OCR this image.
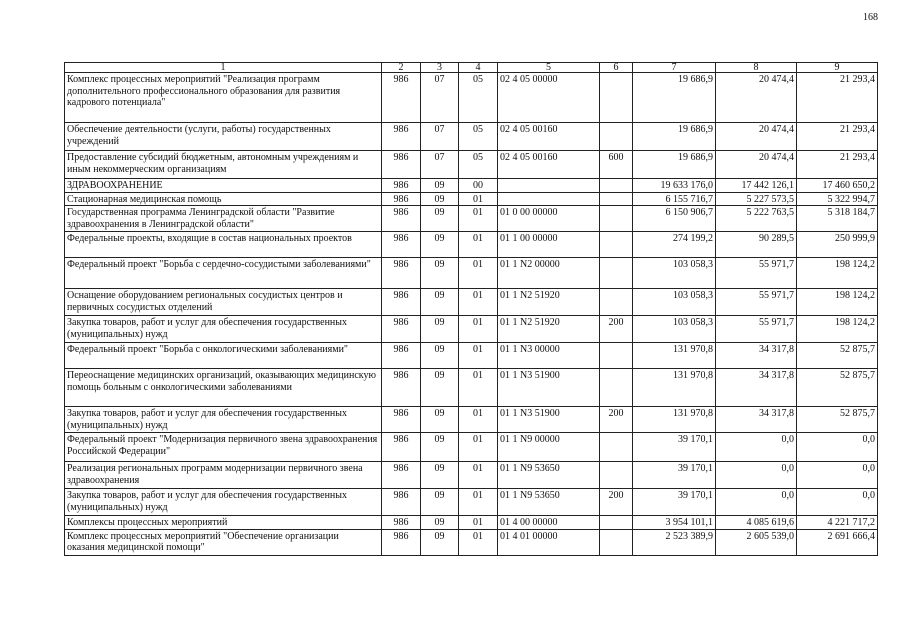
168
1	2	3	4	5	6	7	8	9
Комплекс процессных мероприятий "Реализация программ дополнительного профессионального образования для развития кадрового потенциала"	986	07	05	02 4 05 00000		19 686,9	20 474,4	21 293,4
Обеспечение деятельности (услуги, работы) государственных учреждений	986	07	05	02 4 05 00160		19 686,9	20 474,4	21 293,4
Предоставление субсидий бюджетным, автономным учреждениям и иным некоммерческим организациям	986	07	05	02 4 05 00160	600	19 686,9	20 474,4	21 293,4
ЗДРАВООХРАНЕНИЕ	986	09	00			19 633 176,0	17 442 126,1	17 460 650,2
Стационарная медицинская помощь	986	09	01			6 155 716,7	5 227 573,5	5 322 994,7
Государственная программа Ленинградской области "Развитие здравоохранения в Ленинградской области"	986	09	01	01 0 00 00000		6 150 906,7	5 222 763,5	5 318 184,7
Федеральные проекты, входящие в состав национальных проектов	986	09	01	01 1 00 00000		274 199,2	90 289,5	250 999,9
Федеральный проект "Борьба с сердечно-сосудистыми заболеваниями"	986	09	01	01 1 N2 00000		103 058,3	55 971,7	198 124,2
Оснащение оборудованием региональных сосудистых центров и первичных сосудистых отделений	986	09	01	01 1 N2 51920		103 058,3	55 971,7	198 124,2
Закупка товаров, работ и услуг для обеспечения государственных (муниципальных) нужд	986	09	01	01 1 N2 51920	200	103 058,3	55 971,7	198 124,2
Федеральный проект "Борьба с онкологическими заболеваниями"	986	09	01	01 1 N3 00000		131 970,8	34 317,8	52 875,7
Переоснащение медицинских организаций, оказывающих медицинскую помощь больным с онкологическими заболеваниями	986	09	01	01 1 N3 51900		131 970,8	34 317,8	52 875,7
Закупка товаров, работ и услуг для обеспечения государственных (муниципальных) нужд	986	09	01	01 1 N3 51900	200	131 970,8	34 317,8	52 875,7
Федеральный проект "Модернизация первичного звена здравоохранения Российской Федерации"	986	09	01	01 1 N9 00000		39 170,1	0,0	0,0
Реализация региональных программ модернизации первичного звена здравоохранения	986	09	01	01 1 N9 53650		39 170,1	0,0	0,0
Закупка товаров, работ и услуг для обеспечения государственных (муниципальных) нужд	986	09	01	01 1 N9 53650	200	39 170,1	0,0	0,0
Комплексы процессных мероприятий	986	09	01	01 4 00 00000		3 954 101,1	4 085 619,6	4 221 717,2
Комплекс процессных мероприятий "Обеспечение организации оказания медицинской помощи"	986	09	01	01 4 01 00000		2 523 389,9	2 605 539,0	2 691 666,4
